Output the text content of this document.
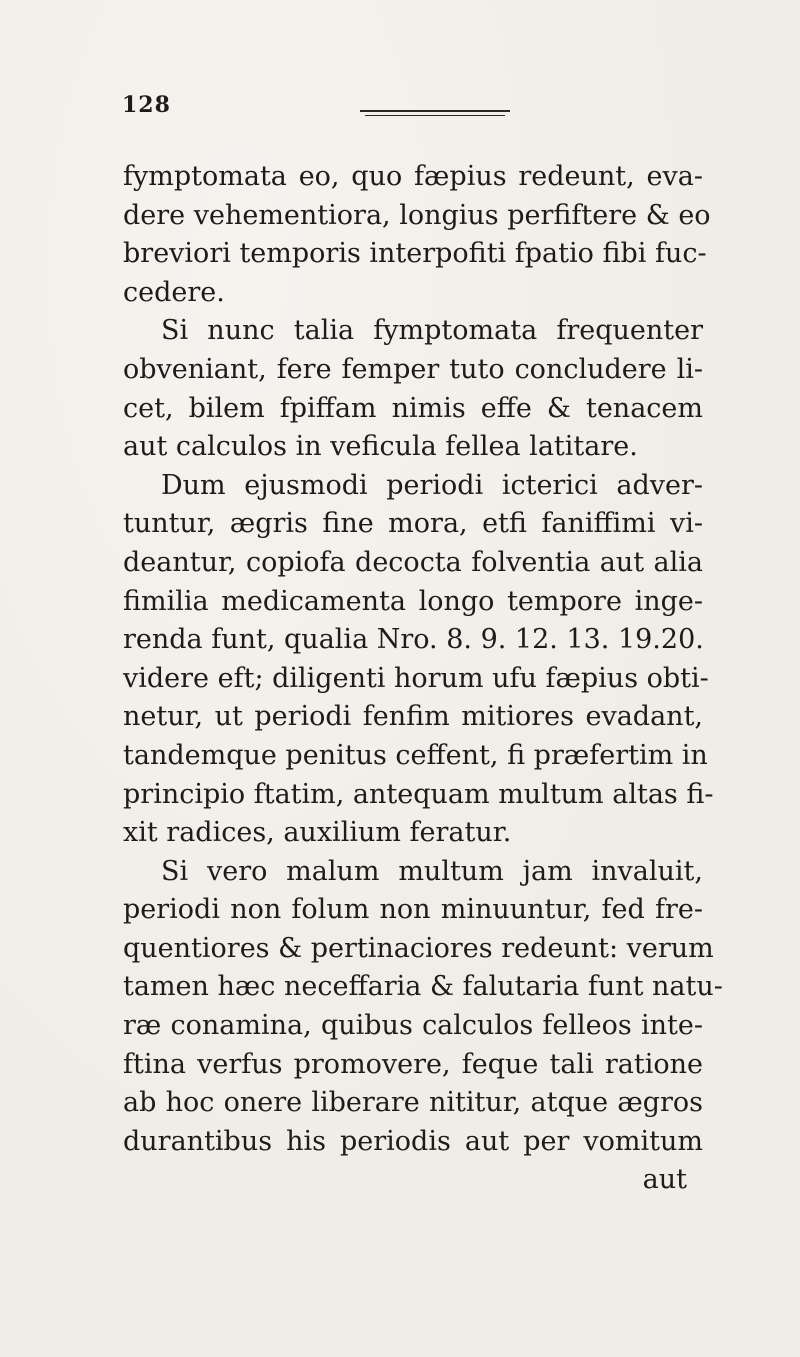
128
fymptomata eo, quo fæpius redeunt, eva-
dere vehementiora, longius perfiftere & eo
breviori temporis interpofiti fpatio fibi fuc-
cedere.
Si nunc talia fymptomata frequenter
obveniant, fere femper tuto concludere li-
cet, bilem fpiffam nimis effe & tenacem
aut calculos in veficula fellea latitare.
Dum ejusmodi periodi icterici adver-
tuntur, ægris fine mora, etfi faniffimi vi-
deantur, copiofa decocta folventia aut alia
fimilia medicamenta longo tempore inge-
renda funt, qualia Nro. 8. 9. 12. 13. 19.20.
videre eft; diligenti horum ufu fæpius obti-
netur, ut periodi fenfim mitiores evadant,
tandemque penitus ceffent, fi præfertim in
principio ftatim, antequam multum altas fi-
xit radices, auxilium feratur.
Si vero malum multum jam invaluit,
periodi non folum non minuuntur, fed fre-
quentiores & pertinaciores redeunt: verum
tamen hæc neceffaria & falutaria funt natu-
ræ conamina, quibus calculos felleos inte-
ftina verfus promovere, feque tali ratione
ab hoc onere liberare nititur, atque ægros
durantibus his periodis aut per vomitum
aut
